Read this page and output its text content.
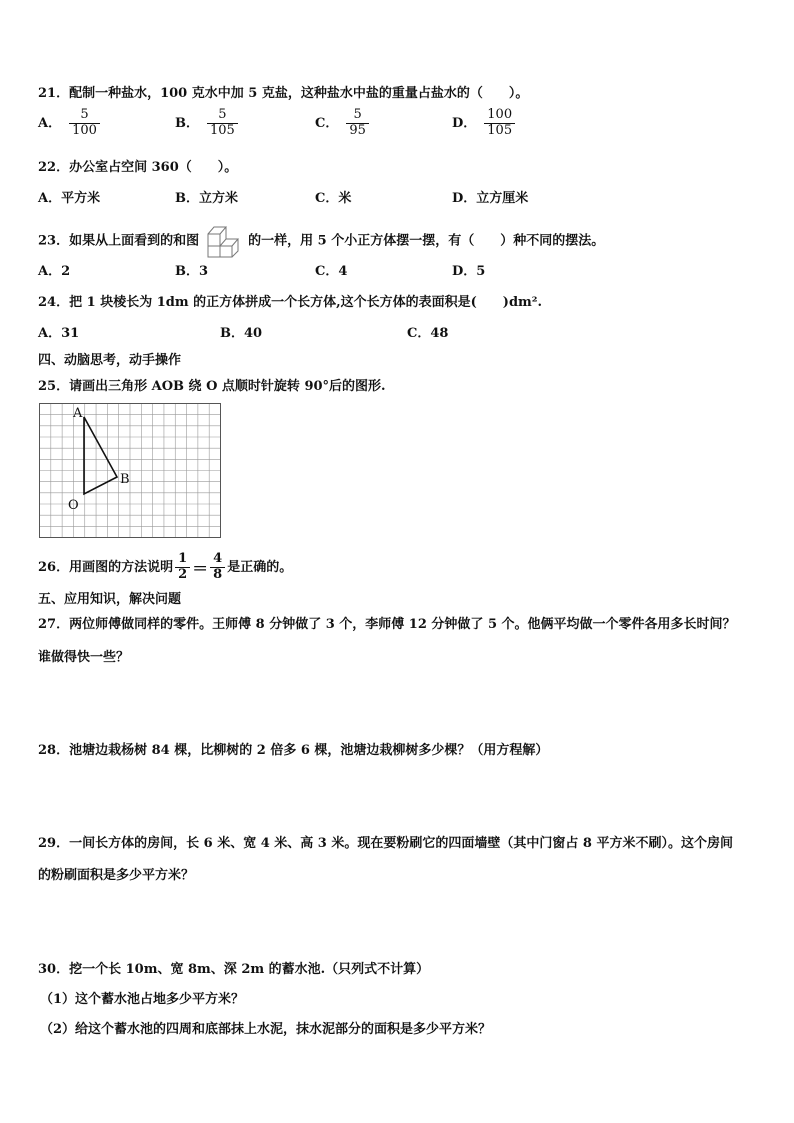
21．配制一种盐水，100 克水中加 5 克盐，这种盐水中盐的重量占盐水的（　　）。
A． $\frac{5}{100}$	B． $\frac{5}{105}$	C． $\frac{5}{95}$	D． $\frac{100}{105}$
22．办公室占空间 360（　　）。
A．平方米	B．立方米	C．米	D．立方厘米
23．如果从上面看到的和图	的一样，用 5 个小正方体摆一摆，有（　　）种不同的摆法。
A．2	B．3	C．4	D．5
24．把 1 块棱长为 1dm 的正方体拼成一个长方体,这个长方体的表面积是(　　)dm².
A．31	B．40	C．48
四、动脑思考，动手操作
25．请画出三角形 AOB 绕 O 点顺时针旋转 90°后的图形.
A
B
O
26．用画图的方法说明 $\frac{1}{2} = \frac{4}{8}$ 是正确的。
五、应用知识，解决问题
27．两位师傅做同样的零件。王师傅 8 分钟做了 3 个，李师傅 12 分钟做了 5 个。他俩平均做一个零件各用多长时间？
谁做得快一些？
28．池塘边栽杨树 84 棵，比柳树的 2 倍多 6 棵，池塘边栽柳树多少棵？（用方程解）
29．一间长方体的房间，长 6 米、宽 4 米、高 3 米。现在要粉刷它的四面墙壁（其中门窗占 8 平方米不刷）。这个房间
的粉刷面积是多少平方米？
30．挖一个长 10m、宽 8m、深 2m 的蓄水池.（只列式不计算）
（1）这个蓄水池占地多少平方米？
（2）给这个蓄水池的四周和底部抹上水泥，抹水泥部分的面积是多少平方米？
